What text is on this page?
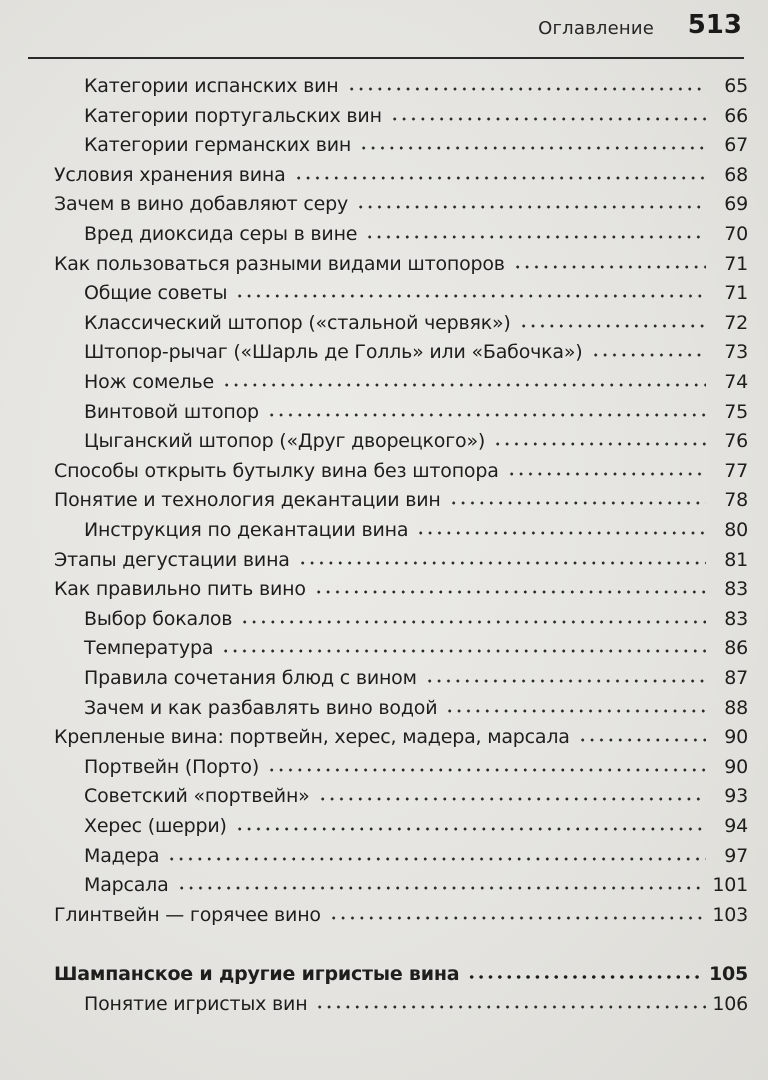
Оглавление 513
Категории испанских вин	65
Категории португальских вин	66
Категории германских вин	67
Условия хранения вина	68
Зачем в вино добавляют серу	69
Вред диоксида серы в вине	70
Как пользоваться разными видами штопоров	71
Общие советы	71
Классический штопор («стальной червяк»)	72
Штопор-рычаг («Шарль де Голль» или «Бабочка»)	73
Нож сомелье	74
Винтовой штопор	75
Цыганский штопор («Друг дворецкого»)	76
Способы открыть бутылку вина без штопора	77
Понятие и технология декантации вин	78
Инструкция по декантации вина	80
Этапы дегустации вина	81
Как правильно пить вино	83
Выбор бокалов	83
Температура	86
Правила сочетания блюд с вином	87
Зачем и как разбавлять вино водой	88
Крепленые вина: портвейн, херес, мадера, марсала	90
Портвейн (Порто)	90
Советский «портвейн»	93
Херес (шерри)	94
Мадера	97
Марсала	101
Глинтвейн — горячее вино	103
Шампанское и другие игристые вина	105
Понятие игристых вин	106
